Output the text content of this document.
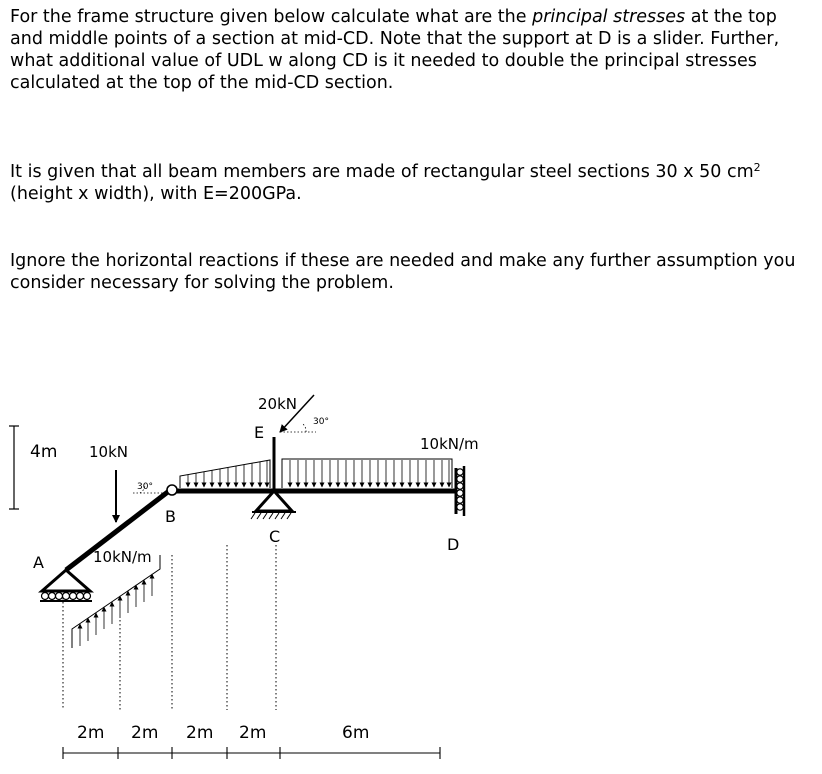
For the frame structure given below calculate what are the principal stresses at the top and middle points of a section at mid-CD. Note that the support at D is a slider. Further, what additional value of UDL w along CD is it needed to double the principal stresses calculated at the top of the mid-CD section.

It is given that all beam members are made of rectangular steel sections 30 x 50 $cm^2$ (height x width), with E=200GPa.

Ignore the horizontal reactions if these are needed and make any further assumption you consider necessary for solving the problem.

4m 10kN
30°
20kN
30°
A
B
C	D
E
10kN/m
10kN/m
2m 2m 2m 2m	6m
